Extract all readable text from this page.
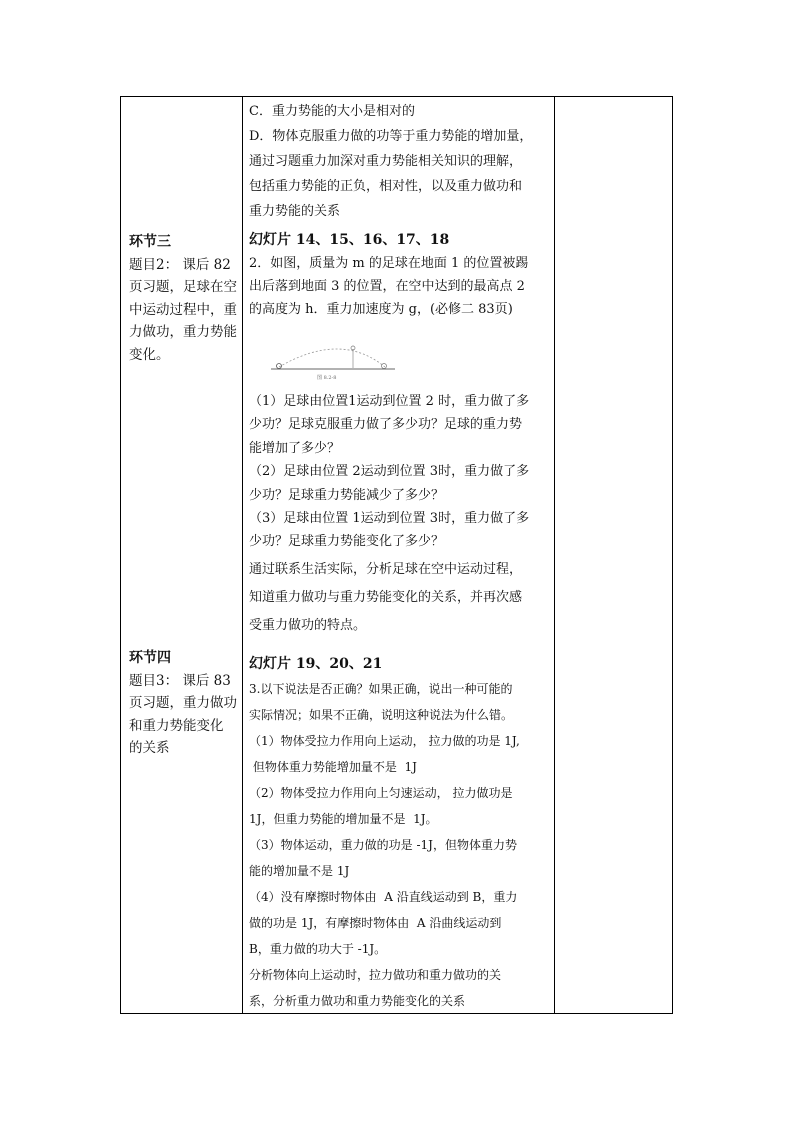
环节三

题目2： 课后 82

页习题，足球在空

中运动过程中，重

力做功，重力势能

变化。

环节四

题目3： 课后 83

页习题，重力做功

和重力势能变化

的关系

C．重力势能的大小是相对的

D．物体克服重力做的功等于重力势能的增加量，

通过习题重力加深对重力势能相关知识的理解，

包括重力势能的正负，相对性，以及重力做功和

重力势能的关系

幻灯片 14、15、16、17、18

2．如图，质量为 m 的足球在地面 1 的位置被踢

出后落到地面 3 的位置，在空中达到的最高点 2

的高度为 h．重力加速度为 g，(必修二 83页)

图 8.2-8

（1）足球由位置1运动到位置 2 时，重力做了多

少功？足球克服重力做了多少功？足球的重力势

能增加了多少？

（2）足球由位置 2运动到位置 3时，重力做了多

少功？足球重力势能减少了多少？

（3）足球由位置 1运动到位置 3时，重力做了多

少功？足球重力势能变化了多少？

通过联系生活实际，分析足球在空中运动过程，

知道重力做功与重力势能变化的关系，并再次感

受重力做功的特点。

幻灯片 19、20、21

3.以下说法是否正确？如果正确，说出一种可能的

实际情况；如果不正确，说明这种说法为什么错。

（1）物体受拉力作用向上运动， 拉力做的功是 1J,

但物体重力势能增加量不是  1J

（2）物体受拉力作用向上匀速运动， 拉力做功是

1J，但重力势能的增加量不是  1J。

（3）物体运动，重力做的功是 -1J，但物体重力势

能的增加量不是 1J

（4）没有摩擦时物体由  A 沿直线运动到 B，重力

做的功是 1J，有摩擦时物体由  A 沿曲线运动到

B，重力做的功大于 -1J。

分析物体向上运动时，拉力做功和重力做功的关

系，分析重力做功和重力势能变化的关系
